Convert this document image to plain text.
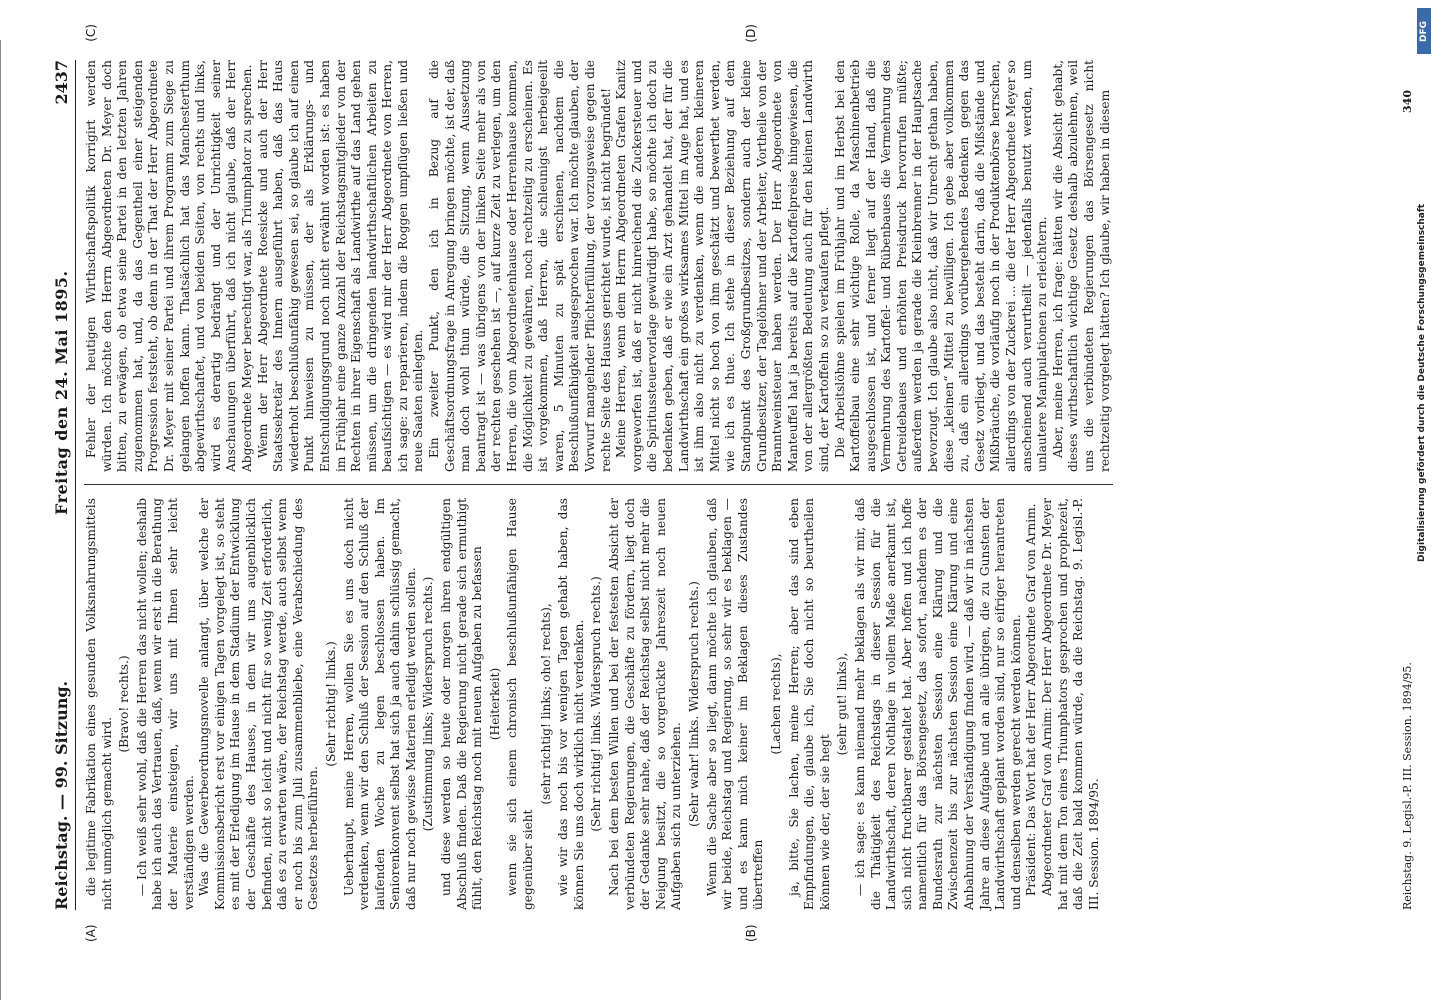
Reichstag. — 99. Sitzung.
Freitag den 24. Mai 1895.
2437
(A)	(B)

die legitime Fabrikation eines gesunden Volksnahrungsmittels nicht unmöglich gemacht wird.

(Bravo! rechts.) — Ich weiß sehr wohl, daß die Herren das nicht wollen; deshalb habe ich auch das Vertrauen, daß, wenn wir erst in die Berathung der Materie einsteigen, wir uns mit Ihnen sehr leicht verständigen werden. Was die Gewerbeordnungsnovelle anlangt, über welche der Kommissionsbericht erst vor einigen Tagen vorgelegt ist, so steht es mit der Erledigung im Hause in dem Stadium der Entwicklung der Geschäfte des Hauses, in dem wir uns augenblicklich befinden, nicht so leicht und nicht für so wenig Zeit erforderlich, daß es zu erwarten wäre, der Reichstag werde, auch selbst wenn er noch bis zum Juli zusammenbliebe, eine Verabschiedung des Gesetzes herbeiführen.

(Sehr richtig! links.) Ueberhaupt, meine Herren, wollen Sie es uns doch nicht verdenken, wenn wir den Schluß der Session auf den Schluß der laufenden Woche zu legen beschlossen haben. Im Seniorenkonvent selbst hat sich ja auch dahin schlüssig gemacht, daß nur noch gewisse Materien erledigt werden sollen. (Zustimmung links; Widerspruch rechts.) und diese werden so heute oder morgen ihren endgültigen Abschluß finden. Daß die Regierung nicht gerade sich ermuthigt fühlt, den Reichstag noch mit neuen Aufgaben zu befassen (Heiterkeit) wenn sie sich einem chronisch beschlußunfähigen Hause gegenüber sieht

(sehr richtig! links; oho! rechts), wie wir das noch bis vor wenigen Tagen gehabt haben, das können Sie uns doch wirklich nicht verdenken. (Sehr richtig! links. Widerspruch rechts.) Nach bei dem besten Willen und bei der festesten Absicht der verbündeten Regierungen, die Geschäfte zu fördern, liegt doch der Gedanke sehr nahe, daß der Reichstag selbst nicht mehr die Neigung besitzt, die so vorgerückte Jahreszeit noch neuen Aufgaben sich zu unterziehen. (Sehr wahr! links. Widerspruch rechts.) Wenn die Sache aber so liegt, dann möchte ich glauben, daß wir beide, Reichstag und Regierung, so sehr wir es beklagen — und es kann mich keiner im Beklagen dieses Zustandes übertreffen

(Lachen rechts), ja, bitte, Sie lachen, meine Herren; aber das sind eben Empfindungen, die, glaube ich, Sie doch nicht so beurtheilen können wie der, der sie hegt

(sehr gut! links), — ich sage: es kann niemand mehr beklagen als wir mir, daß die Thätigkeit des Reichstags in dieser Session für die Landwirthschaft, deren Nothlage in vollem Maße anerkannt ist, sich nicht fruchtbarer gestaltet hat. Aber hoffen und ich hoffe namentlich für das Börsengesetz, das sofort, nachdem es der Bundesrath zur nächsten Session eine Klärung und die Zwischenzeit bis zur nächsten Session eine Klärung und eine Anbahnung der Verständigung finden wird, — daß wir in nächsten Jahre an diese Aufgabe und an alle übrigen, die zu Gunsten der Landwirthschaft geplant worden sind, nur so eifriger herantreten und denselben werden gerecht werden können. Präsident: Das Wort hat der Herr Abgeordnete Graf von Arnim. Abgeordneter Graf von Arnim: Der Herr Abgeordnete Dr. Meyer hat mit dem Ton eines Triumphators gesprochen und prophezeit, daß die Zeit bald kommen würde, da die Reichstag. 9. Legisl.-P. III. Session. 1894/95.

(C)	(D)

Fehler der heutigen Wirthschaftspolitik korrigirt werden würden. Ich möchte den Herrn Abgeordneten Dr. Meyer doch bitten, zu erwägen, ob etwa seine Partei in den letzten Jahren zugenommen hat, und, da das Gegentheil einer steigenden Progression feststeht, ob denn in der That der Herr Abgeordnete Dr. Meyer mit seiner Partei und ihrem Programm zum Siege zu gelangen hoffen kann. Thatsächlich hat das Manchesterthum abgewirthschaftet, und von beiden Seiten, von rechts und links, wird es derartig bedrängt und der Unrichtigkeit seiner Anschauungen überführt, daß ich nicht glaube, daß der Herr Abgeordnete Meyer berechtigt war, als Triumphator zu sprechen. Wenn der Herr Abgeordnete Roesicke und auch der Herr Staatssekretär des Innern ausgeführt haben, daß das Haus wiederholt beschlußunfähig gewesen sei, so glaube ich auf einen Punkt hinweisen zu müssen, der als Erklärungs- und Entschuldigungsgrund noch nicht erwähnt worden ist: es haben im Frühjahr eine ganze Anzahl der Reichstagsmitglieder von der Rechten in ihrer Eigenschaft als Landwirthe auf das Land gehen müssen, um die dringenden landwirthschaftlichen Arbeiten zu beaufsichtigen — es wird mir der Herr Abgeordnete von Herren, ich sage: zu reparieren, indem die Roggen umpflügen ließen und neue Saaten einlegten. Ein zweiter Punkt, den ich in Bezug auf die Geschäftsordnungsfrage in Anregung bringen möchte, ist der, daß man doch wohl thun würde, die Sitzung, wenn Aussetzung beantragt ist — was übrigens von der linken Seite mehr als von der rechten geschehen ist —, auf kurze Zeit zu verlegen, um den Herren, die vom Abgeordnetenhause oder Herrenhause kommen, die Möglichkeit zu gewähren, noch rechtzeitig zu erscheinen. Es ist vorgekommen, daß Herren, die schleunigst herbeigeeilt waren, 5 Minuten zu spät erschienen, nachdem die Beschlußunfähigkeit ausgesprochen war. Ich möchte glauben, der Vorwurf mangelnder Pflichterfüllung, der vorzugsweise gegen die rechte Seite des Hauses gerichtet wurde, ist nicht begründet! Meine Herren, wenn dem Herrn Abgeordneten Grafen Kanitz vorgeworfen ist, daß er nicht hinreichend die Zuckersteuer und die Spiritussteuervorlage gewürdigt habe, so möchte ich doch zu bedenken geben, daß er wie ein Arzt gehandelt hat, der für die Landwirthschaft ein großes wirksames Mittel im Auge hat, und es ist ihm also nicht zu verdenken, wenn die anderen kleineren Mittel nicht so hoch von ihm geschätzt und bewerthet werden, wie ich es thue. Ich stehe in dieser Beziehung auf dem Standpunkt des Großgrundbesitzes, sondern auch der kleine Grundbesitzer, der Tagelöhner und der Arbeiter, Vortheile von der Branntweinsteuer haben werden. Der Herr Abgeordnete von Manteuffel hat ja bereits auf die Kartoffelpreise hingewiesen, die von der allergrößten Bedeutung auch für den kleinen Landwirth sind, der Kartoffeln so zu verkaufen pflegt. Die Arbeitslöhne spielen im Frühjahr und im Herbst bei den Kartoffelbau eine sehr wichtige Rolle, da Maschinenbetrieb ausgeschlossen ist, und ferner liegt auf der Hand, daß die Vermehrung des Kartoffel- und Rübenbaues die Vermehrung des Getreidebaues und erhöhten Preisdruck hervorrufen müßte; außerdem werden ja gerade die Kleinbrenner in der Hauptsache bevorzugt. Ich glaube also nicht, daß wir Unrecht gethan haben, diese „kleinen“ Mittel zu bewilligen. Ich gebe aber vollkommen zu, daß ein allerdings vorübergehendes Bedenken gegen das Gesetz vorliegt, und das besteht darin, daß die Mißstände und Mißbräuche, die vorläufig noch in der Produktenbörse herrschen, allerdings von der Zuckerei ... die der Herr Abgeordnete Meyer so anscheinend auch verurtheilt — jedenfalls benutzt werden, um unlautere Manipulationen zu erleichtern. Aber, meine Herren, ich frage: hätten wir die Absicht gehabt, dieses wirthschaftlich wichtige Gesetz deshalb abzulehnen, weil uns die verbündeten Regierungen das Börsengesetz nicht rechtzeitig vorgelegt hätten? Ich glaube, wir haben in diesem

Reichstag. 9. Legisl.-P. III. Session. 1894/95.
340
DFG
Digitalisierung gefördert durch die Deutsche Forschungsgemeinschaft
